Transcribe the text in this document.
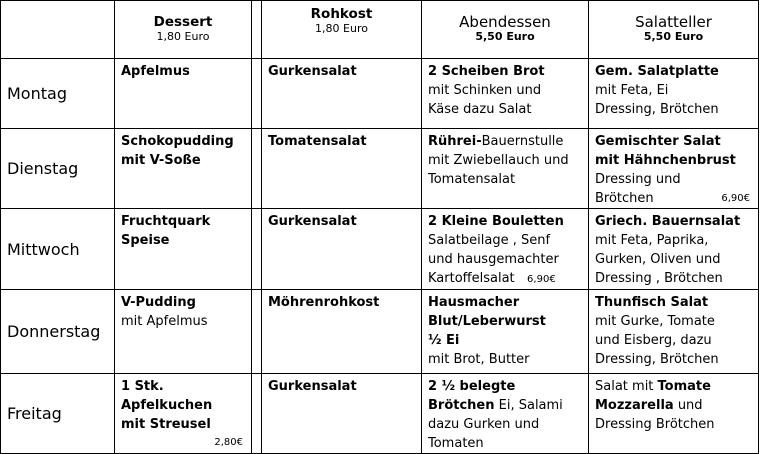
	Dessert
1,80 Euro		Rohkost
1,80 Euro	Abendessen
5,50 Euro	Salatteller
5,50 Euro

Montag	Apfelmus		Gurkensalat	2 Scheiben Brot
mit Schinken und
Käse dazu Salat	Gem. Salatplatte
mit Feta, Ei
Dressing, Brötchen

Dienstag	Schokopudding
mit V-Soße		Tomatensalat	Rührei-Bauernstulle
mit Zwiebellauch und
Tomatensalat	Gemischter Salat
mit Hähnchenbrust
Dressing und
Brötchen 6,90€

Mittwoch	Fruchtquark
Speise		Gurkensalat	2 Kleine Bouletten
Salatbeilage , Senf
und hausgemachter
Kartoffelsalat 6,90€	Griech. Bauernsalat
mit Feta, Paprika,
Gurken, Oliven und
Dressing , Brötchen

Donnerstag	V-Pudding
mit Apfelmus		Möhrenrohkost	Hausmacher
Blut/Leberwurst
½ Ei
mit Brot, Butter	Thunfisch Salat
mit Gurke, Tomate
und Eisberg, dazu
Dressing, Brötchen

Freitag	1 Stk.
Apfelkuchen
mit Streusel
2,80€		Gurkensalat	2 ½ belegte
Brötchen Ei, Salami
dazu Gurken und
Tomaten	Salat mit Tomate
Mozzarella und
Dressing Brötchen
